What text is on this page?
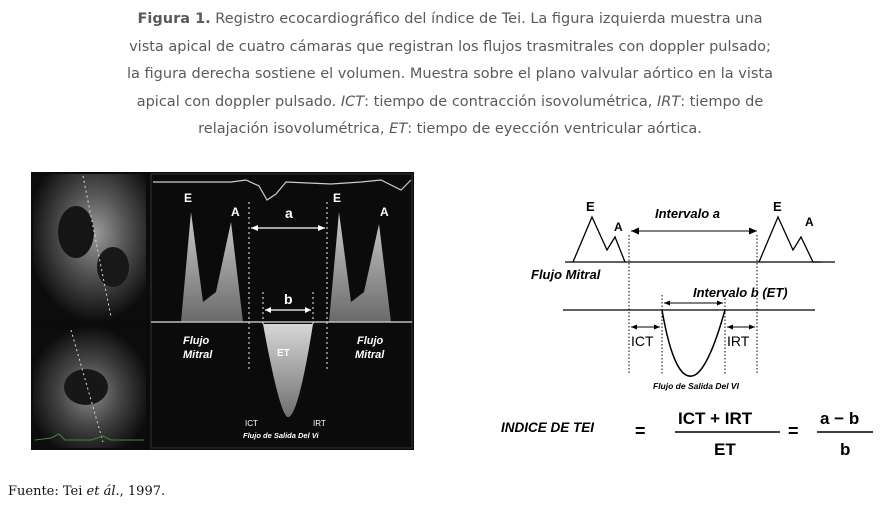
Figura 1. Registro ecocardiográfico del índice de Tei. La figura izquierda muestra una
vista apical de cuatro cámaras que registran los flujos trasmitrales con doppler pulsado;
la figura derecha sostiene el volumen. Muestra sobre el plano valvular aórtico en la vista
apical con doppler pulsado. ICT: tiempo de contracción isovolumétrica, IRT: tiempo de
relajación isovolumétrica, ET: tiempo de eyección ventricular aórtica.
E
A
E
A
a
b
Flujo
Mitral
Flujo
Mitral
ET
ICT	IRT
Flujo de Salida Del Vi
E
A
E
A
Intervalo a
Flujo Mitral
Intervalo b (ET)
ICT	IRT
Flujo de Salida Del VI
INDICE DE TEI =
ICT + IRT
ET
=
a − b
b
Fuente: Tei et ál., 1997.
